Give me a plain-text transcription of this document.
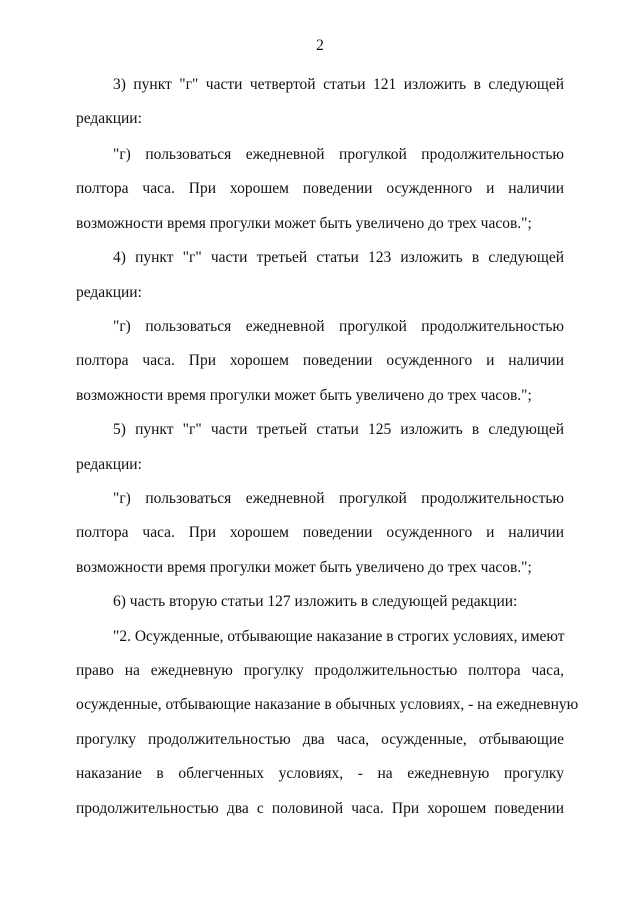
2
3) пункт "г" части четвертой статьи 121 изложить в следующей
редакции:
"г) пользоваться ежедневной прогулкой продолжительностью
полтора часа. При хорошем поведении осужденного и наличии
возможности время прогулки может быть увеличено до трех часов.";
4) пункт "г" части третьей статьи 123 изложить в следующей
редакции:
"г) пользоваться ежедневной прогулкой продолжительностью
полтора часа. При хорошем поведении осужденного и наличии
возможности время прогулки может быть увеличено до трех часов.";
5) пункт "г" части третьей статьи 125 изложить в следующей
редакции:
"г) пользоваться ежедневной прогулкой продолжительностью
полтора часа. При хорошем поведении осужденного и наличии
возможности время прогулки может быть увеличено до трех часов.";
6) часть вторую статьи 127 изложить в следующей редакции:
"2. Осужденные, отбывающие наказание в строгих условиях, имеют
право на ежедневную прогулку продолжительностью полтора часа,
осужденные, отбывающие наказание в обычных условиях, - на ежедневную
прогулку продолжительностью два часа, осужденные, отбывающие
наказание в облегченных условиях, - на ежедневную прогулку
продолжительностью два с половиной часа. При хорошем поведении
